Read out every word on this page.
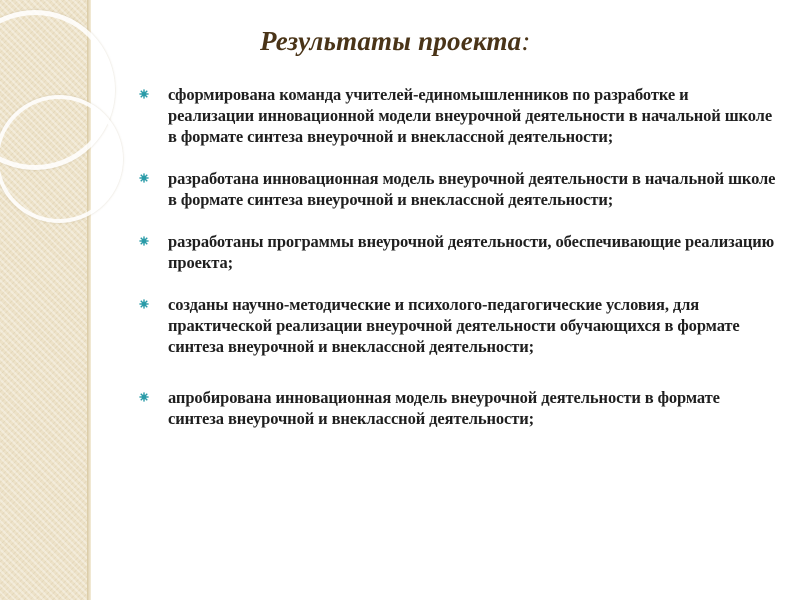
Результаты проекта:
сформирована команда учителей-единомышленников по разработке и реализации инновационной модели внеурочной деятельности в начальной школе в формате синтеза внеурочной и внеклассной деятельности;
разработана инновационная модель внеурочной деятельности в начальной школе в формате синтеза внеурочной и внеклассной деятельности;
разработаны программы внеурочной деятельности, обеспечивающие реализацию проекта;
созданы научно-методические и психолого-педагогические условия, для практической реализации внеурочной деятельности обучающихся в формате синтеза внеурочной и внеклассной деятельности;
апробирована инновационная модель внеурочной деятельности в формате синтеза внеурочной и внеклассной деятельности;
